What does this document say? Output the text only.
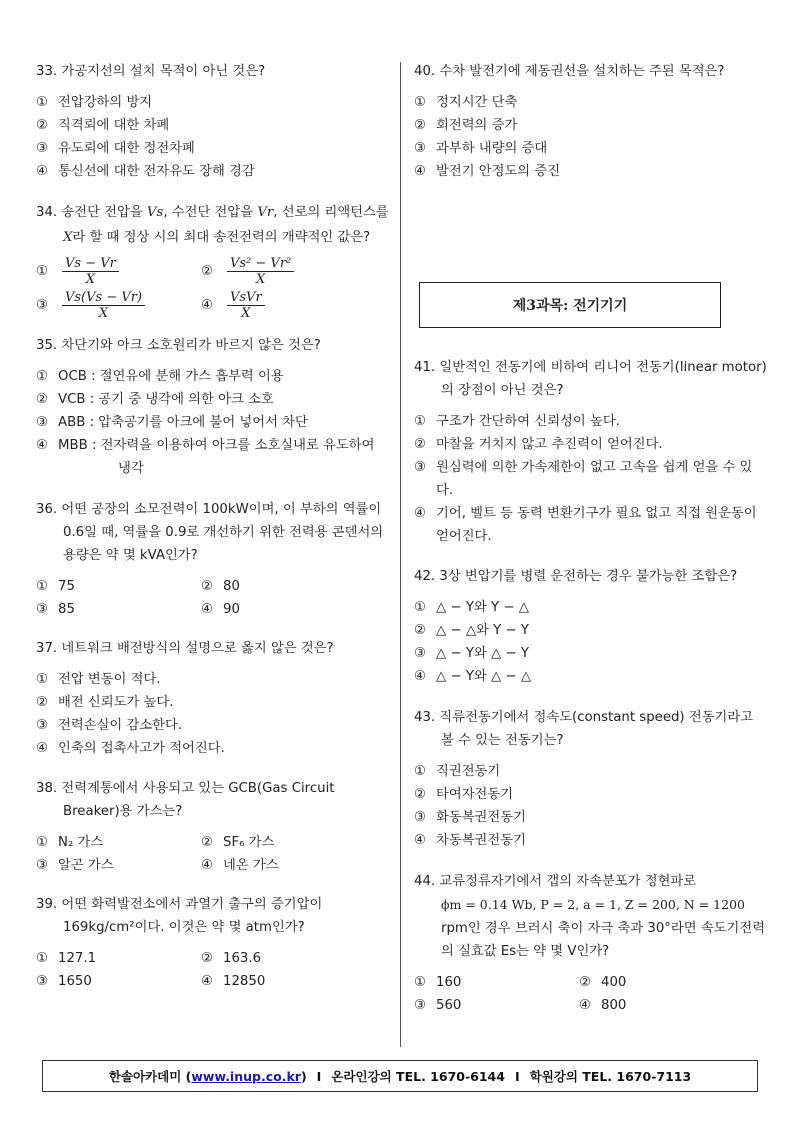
33. 가공지선의 설치 목적이 아닌 것은?
① 전압강하의 방지
② 직격뢰에 대한 차폐
③ 유도뢰에 대한 정전차폐
④ 통신선에 대한 전자유도 장해 경감
34. 송전단 전압을 Vs, 수전단 전압을 Vr, 선로의 리액턴스를 X라 할 때 정상 시의 최대 송전전력의 개략적인 값은?
①	$\frac{Vs - Vr}{X}$	②	$\frac{\text{Vs² − Vr²}}{X}$
③	$\frac{Vs(Vs - Vr)}{X}$	④	$\frac{\text{VsVr}}{X}$
35. 차단기와 아크 소호원리가 바르지 않은 것은?
① OCB : 절연유에 분해 가스 흡부력 이용
② VCB : 공기 중 냉각에 의한 아크 소호
③ ABB : 압축공기를 아크에 불어 넣어서 차단
④ MBB : 전자력을 이용하여 아크를 소호실내로 유도하여 냉각
36. 어떤 공장의 소모전력이 100kW이며, 이 부하의 역률이 0.6일 때, 역률을 0.9로 개선하기 위한 전력용 콘덴서의 용량은 약 몇 kVA인가?
① 75	② 80
③ 85	④ 90
37. 네트워크 배전방식의 설명으로 옳지 않은 것은?
① 전압 변동이 적다.
② 배전 신뢰도가 높다.
③ 전력손실이 감소한다.
④ 인축의 접촉사고가 적어진다.
38. 전력계통에서 사용되고 있는 GCB(Gas Circuit Breaker)용 가스는?
① N₂ 가스	② SF₆ 가스
③ 알곤 가스	④ 네온 가스
39. 어떤 화력발전소에서 과열기 출구의 증기압이 169kg/cm²이다. 이것은 약 몇 atm인가?
① 127.1	② 163.6
③ 1650	④ 12850
40. 수차 발전기에 제동권선을 설치하는 주된 목적은?
① 정지시간 단축
② 회전력의 증가
③ 과부하 내량의 증대
④ 발전기 안정도의 증진
제3과목: 전기기기
41. 일반적인 전동기에 비하여 리니어 전동기(linear motor)의 장점이 아닌 것은?
① 구조가 간단하여 신뢰성이 높다.
② 마찰을 거치지 않고 추진력이 얻어진다.
③ 원심력에 의한 가속제한이 없고 고속을 쉽게 얻을 수 있다.
④ 기어, 벨트 등 동력 변환기구가 필요 없고 직접 원운동이 얻어진다.
42. 3상 변압기를 병렬 운전하는 경우 불가능한 조합은?
① △ − Y와 Y − △
② △ − △와 Y − Y
③ △ − Y와 △ − Y
④ △ − Y와 △ − △
43. 직류전동기에서 정속도(constant speed) 전동기라고 볼 수 있는 전동기는?
① 직권전동기
② 타여자전동기
③ 화동복권전동기
④ 차동복권전동기
44. 교류정류자기에서 갭의 자속분포가 정현파로
ϕm = 0.14 Wb, P = 2, a = 1, Z = 200, N = 1200
rpm인 경우 브러시 축이 자극 축과 30°라면 속도기전력의 실효값 Es는 약 몇 V인가?
① 160	② 400
③ 560	④ 800
한솔아카데미 ( www.inup.co.kr ) I 온라인강의 TEL. 1670-6144 I 학원강의 TEL. 1670-7113
